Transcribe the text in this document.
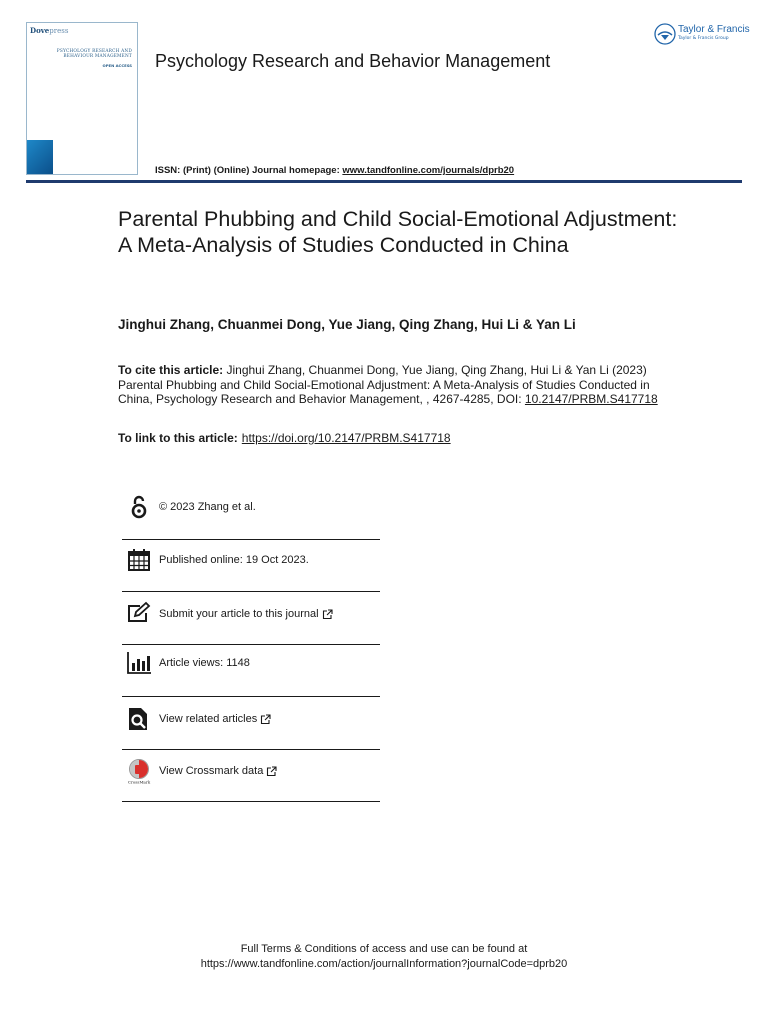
Dovepress
PSYCHOLOGY RESEARCH AND
BEHAVIOUR MANAGEMENT
OPEN ACCESS Psychology Research and Behavior Management
ISSN: (Print) (Online) Journal homepage: www.tandfonline.com/journals/dprb20
Taylor & Francis
Taylor & Francis Group
Parental Phubbing and Child Social-Emotional Adjustment: A Meta-Analysis of Studies Conducted in China
Jinghui Zhang, Chuanmei Dong, Yue Jiang, Qing Zhang, Hui Li & Yan Li
To cite this article: Jinghui Zhang, Chuanmei Dong, Yue Jiang, Qing Zhang, Hui Li & Yan Li (2023) Parental Phubbing and Child Social-Emotional Adjustment: A Meta-Analysis of Studies Conducted in China, Psychology Research and Behavior Management, , 4267-4285, DOI: 10.2147/PRBM.S417718
To link to this article: https://doi.org/10.2147/PRBM.S417718
© 2023 Zhang et al.
Published online: 19 Oct 2023.
Submit your article to this journal
Article views: 1148
View related articles
CrossMark
View Crossmark data
Full Terms & Conditions of access and use can be found at
https://www.tandfonline.com/action/journalInformation?journalCode=dprb20
